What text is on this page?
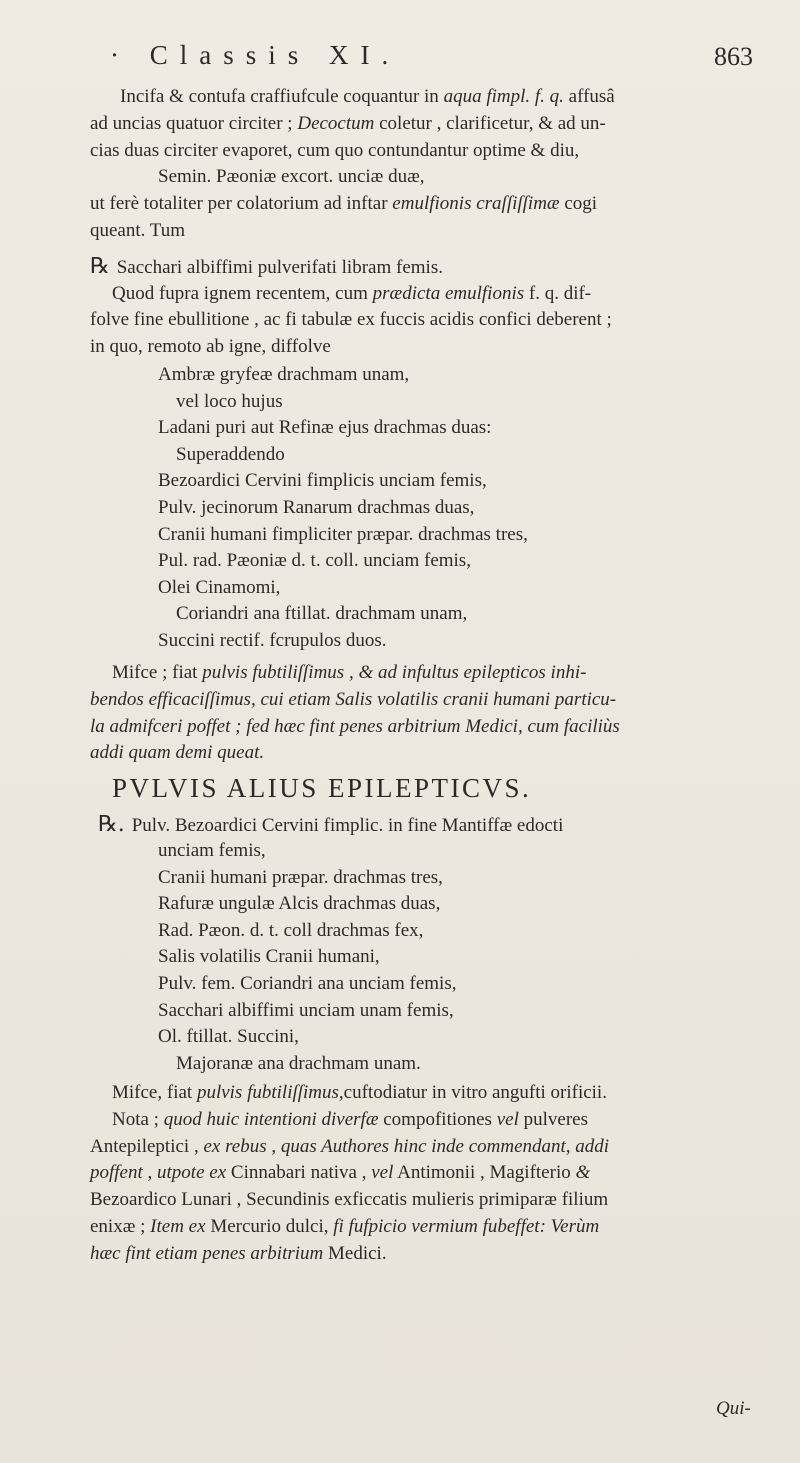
· Classis XI.	863
Incifa & contufa craffiufcule coquantur in aqua fimpl. f. q. affusâ
ad uncias quatuor circiter ; Decoctum coletur , clarificetur, & ad un-
cias duas circiter evaporet, cum quo contundantur optime & diu,
Semin. Pæoniæ excort. unciæ duæ,
ut ferè totaliter per colatorium ad inftar emulfionis craſſiſſimæ cogi
queant. Tum
℞ Sacchari albiffimi pulverifati libram femis.
Quod fupra ignem recentem, cum prædicta emulfionis f. q. dif-
folve fine ebullitione , ac fi tabulæ ex fuccis acidis confici deberent ;
in quo, remoto ab igne, diffolve
Ambræ gryfeæ drachmam unam,
vel loco hujus
Ladani puri aut Refinæ ejus drachmas duas:
Superaddendo
Bezoardici Cervini fimplicis unciam femis,
Pulv. jecinorum Ranarum drachmas duas,
Cranii humani fimpliciter præpar. drachmas tres,
Pul. rad. Pæoniæ d. t. coll. unciam femis,
Olei Cinamomi,
Coriandri ana ftillat. drachmam unam,
Succini rectif. fcrupulos duos.
Mifce ; fiat pulvis fubtiliſſimus , & ad infultus epilepticos inhi-
bendos efficaciſſimus, cui etiam Salis volatilis cranii humani particu-
la admifceri poffet ; fed hæc fint penes arbitrium Medici, cum faciliùs
addi quam demi queat.
℞. Pulv. Bezoardici Cervini fimplic. in fine Mantiffæ edocti
unciam femis,
Cranii humani præpar. drachmas tres,
Rafuræ ungulæ Alcis drachmas duas,
Rad. Pæon. d. t. coll drachmas fex,
Salis volatilis Cranii humani,
Pulv. fem. Coriandri ana unciam femis,
Sacchari albiffimi unciam unam femis,
Ol. ftillat. Succini,
Majoranæ ana drachmam unam.
Mifce, fiat pulvis fubtiliſſimus,cuftodiatur in vitro angufti orificii.
Nota ; quod huic intentioni diverfæ compofitiones vel pulveres
Antepileptici , ex rebus , quas Authores hinc inde commendant, addi
poffent , utpote ex Cinnabari nativa , vel Antimonii , Magifterio &
Bezoardico Lunari , Secundinis exficcatis mulieris primiparæ filium
enixæ ; Item ex Mercurio dulci, fi fufpicio vermium fubeffet: Verùm
hæc fint etiam penes arbitrium Medici.
PVLVIS ALIUS EPILEPTICVS.
Qui-
